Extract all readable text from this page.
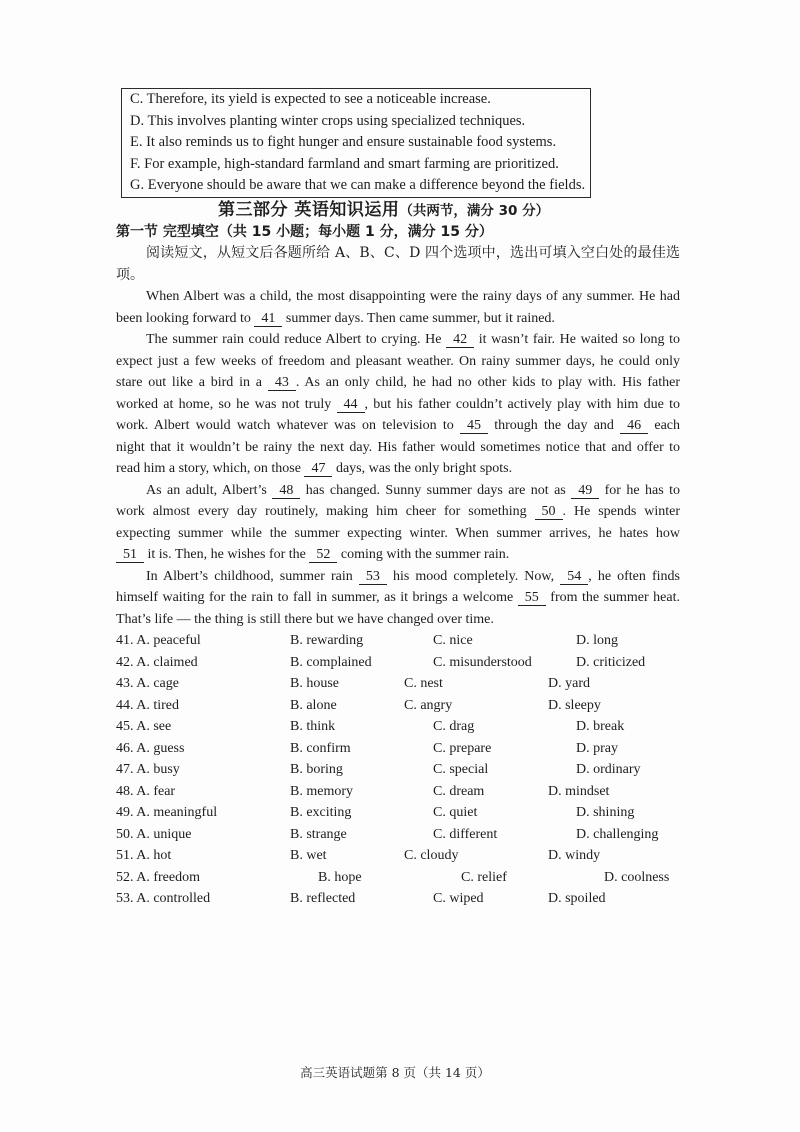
C. Therefore, its yield is expected to see a noticeable increase.
D. This involves planting winter crops using specialized techniques.
E. It also reminds us to fight hunger and ensure sustainable food systems.
F. For example, high-standard farmland and smart farming are prioritized.
G. Everyone should be aware that we can make a difference beyond the fields.
第三部分 英语知识运用（共两节，满分 30 分）
第一节 完型填空（共 15 小题；每小题 1 分，满分 15 分）
阅读短文，从短文后各题所给 A、B、C、D 四个选项中，选出可填入空白处的最佳选项。
When Albert was a child, the most disappointing were the rainy days of any summer. He had
been looking forward to 41 summer days. Then came summer, but it rained.
The summer rain could reduce Albert to crying. He 42 it wasn’t fair. He waited so long to
expect just a few weeks of freedom and pleasant weather. On rainy summer days, he could only
stare out like a bird in a 43 . As an only child, he had no other kids to play with. His father
worked at home, so he was not truly 44 , but his father couldn’t actively play with him due to
work. Albert would watch whatever was on television to 45 through the day and 46 each
night that it wouldn’t be rainy the next day. His father would sometimes notice that and offer to
read him a story, which, on those 47 days, was the only bright spots.
As an adult, Albert’s 48 has changed. Sunny summer days are not as 49 for he has to
work almost every day routinely, making him cheer for something 50 . He spends winter
expecting summer while the summer expecting winter. When summer arrives, he hates how
51 it is. Then, he wishes for the 52 coming with the summer rain.
In Albert’s childhood, summer rain 53 his mood completely. Now, 54 , he often finds
himself waiting for the rain to fall in summer, as it brings a welcome 55 from the summer heat.
That’s life — the thing is still there but we have changed over time.
41. A. peaceful	B. rewarding	C. nice	D. long
42. A. claimed	B. complained	C. misunderstood	D. criticized
43. A. cage	B. house	C. nest	D. yard
44. A. tired	B. alone	C. angry	D. sleepy
45. A. see	B. think	C. drag	D. break
46. A. guess	B. confirm	C. prepare	D. pray
47. A. busy	B. boring	C. special	D. ordinary
48. A. fear	B. memory	C. dream	D. mindset
49. A. meaningful	B. exciting	C. quiet	D. shining
50. A. unique	B. strange	C. different	D. challenging
51. A. hot	B. wet	C. cloudy	D. windy
52. A. freedom	B. hope	C. relief	D. coolness
53. A. controlled	B. reflected	C. wiped	D. spoiled
高三英语试题第 8 页（共 14 页）
